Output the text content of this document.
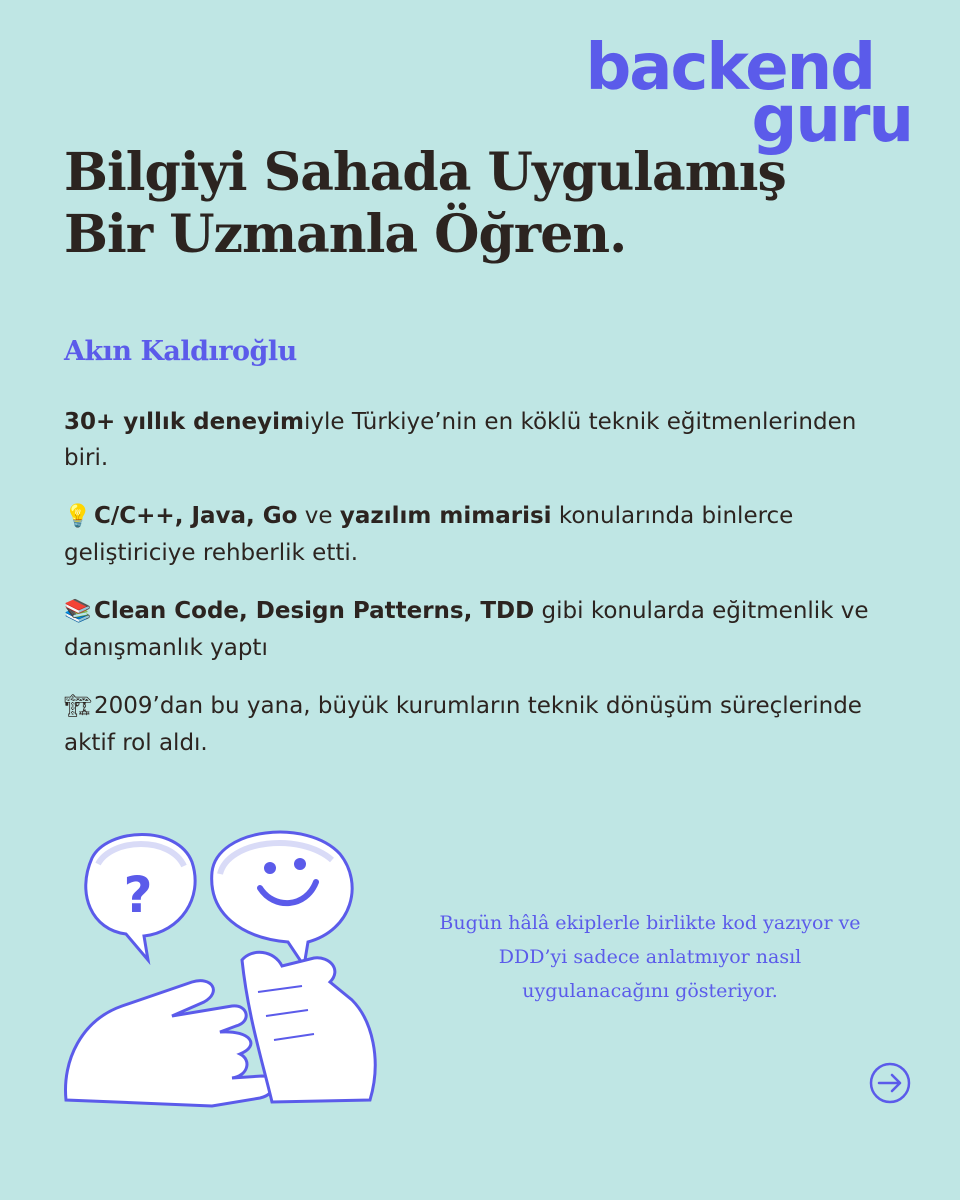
backend
guru
Bilgiyi Sahada Uygulamış
Bir Uzmanla Öğren.
Akın Kaldıroğlu

30+ yıllık deneyimiyle Türkiye’nin en köklü teknik eğitmenlerinden biri.

💡 C/C++, Java, Go ve yazılım mimarisi konularında binlerce geliştiriciye rehberlik etti.

📚 Clean Code, Design Patterns, TDD gibi konularda eğitmenlik ve danışmanlık yaptı

🏗2009’dan bu yana, büyük kurumların teknik dönüşüm süreçlerinde aktif rol aldı.

?	Bugün hâlâ ekiplerle birlikte kod yazıyor ve
DDD’yi sadece anlatmıyor nasıl
uygulanacağını gösteriyor.
